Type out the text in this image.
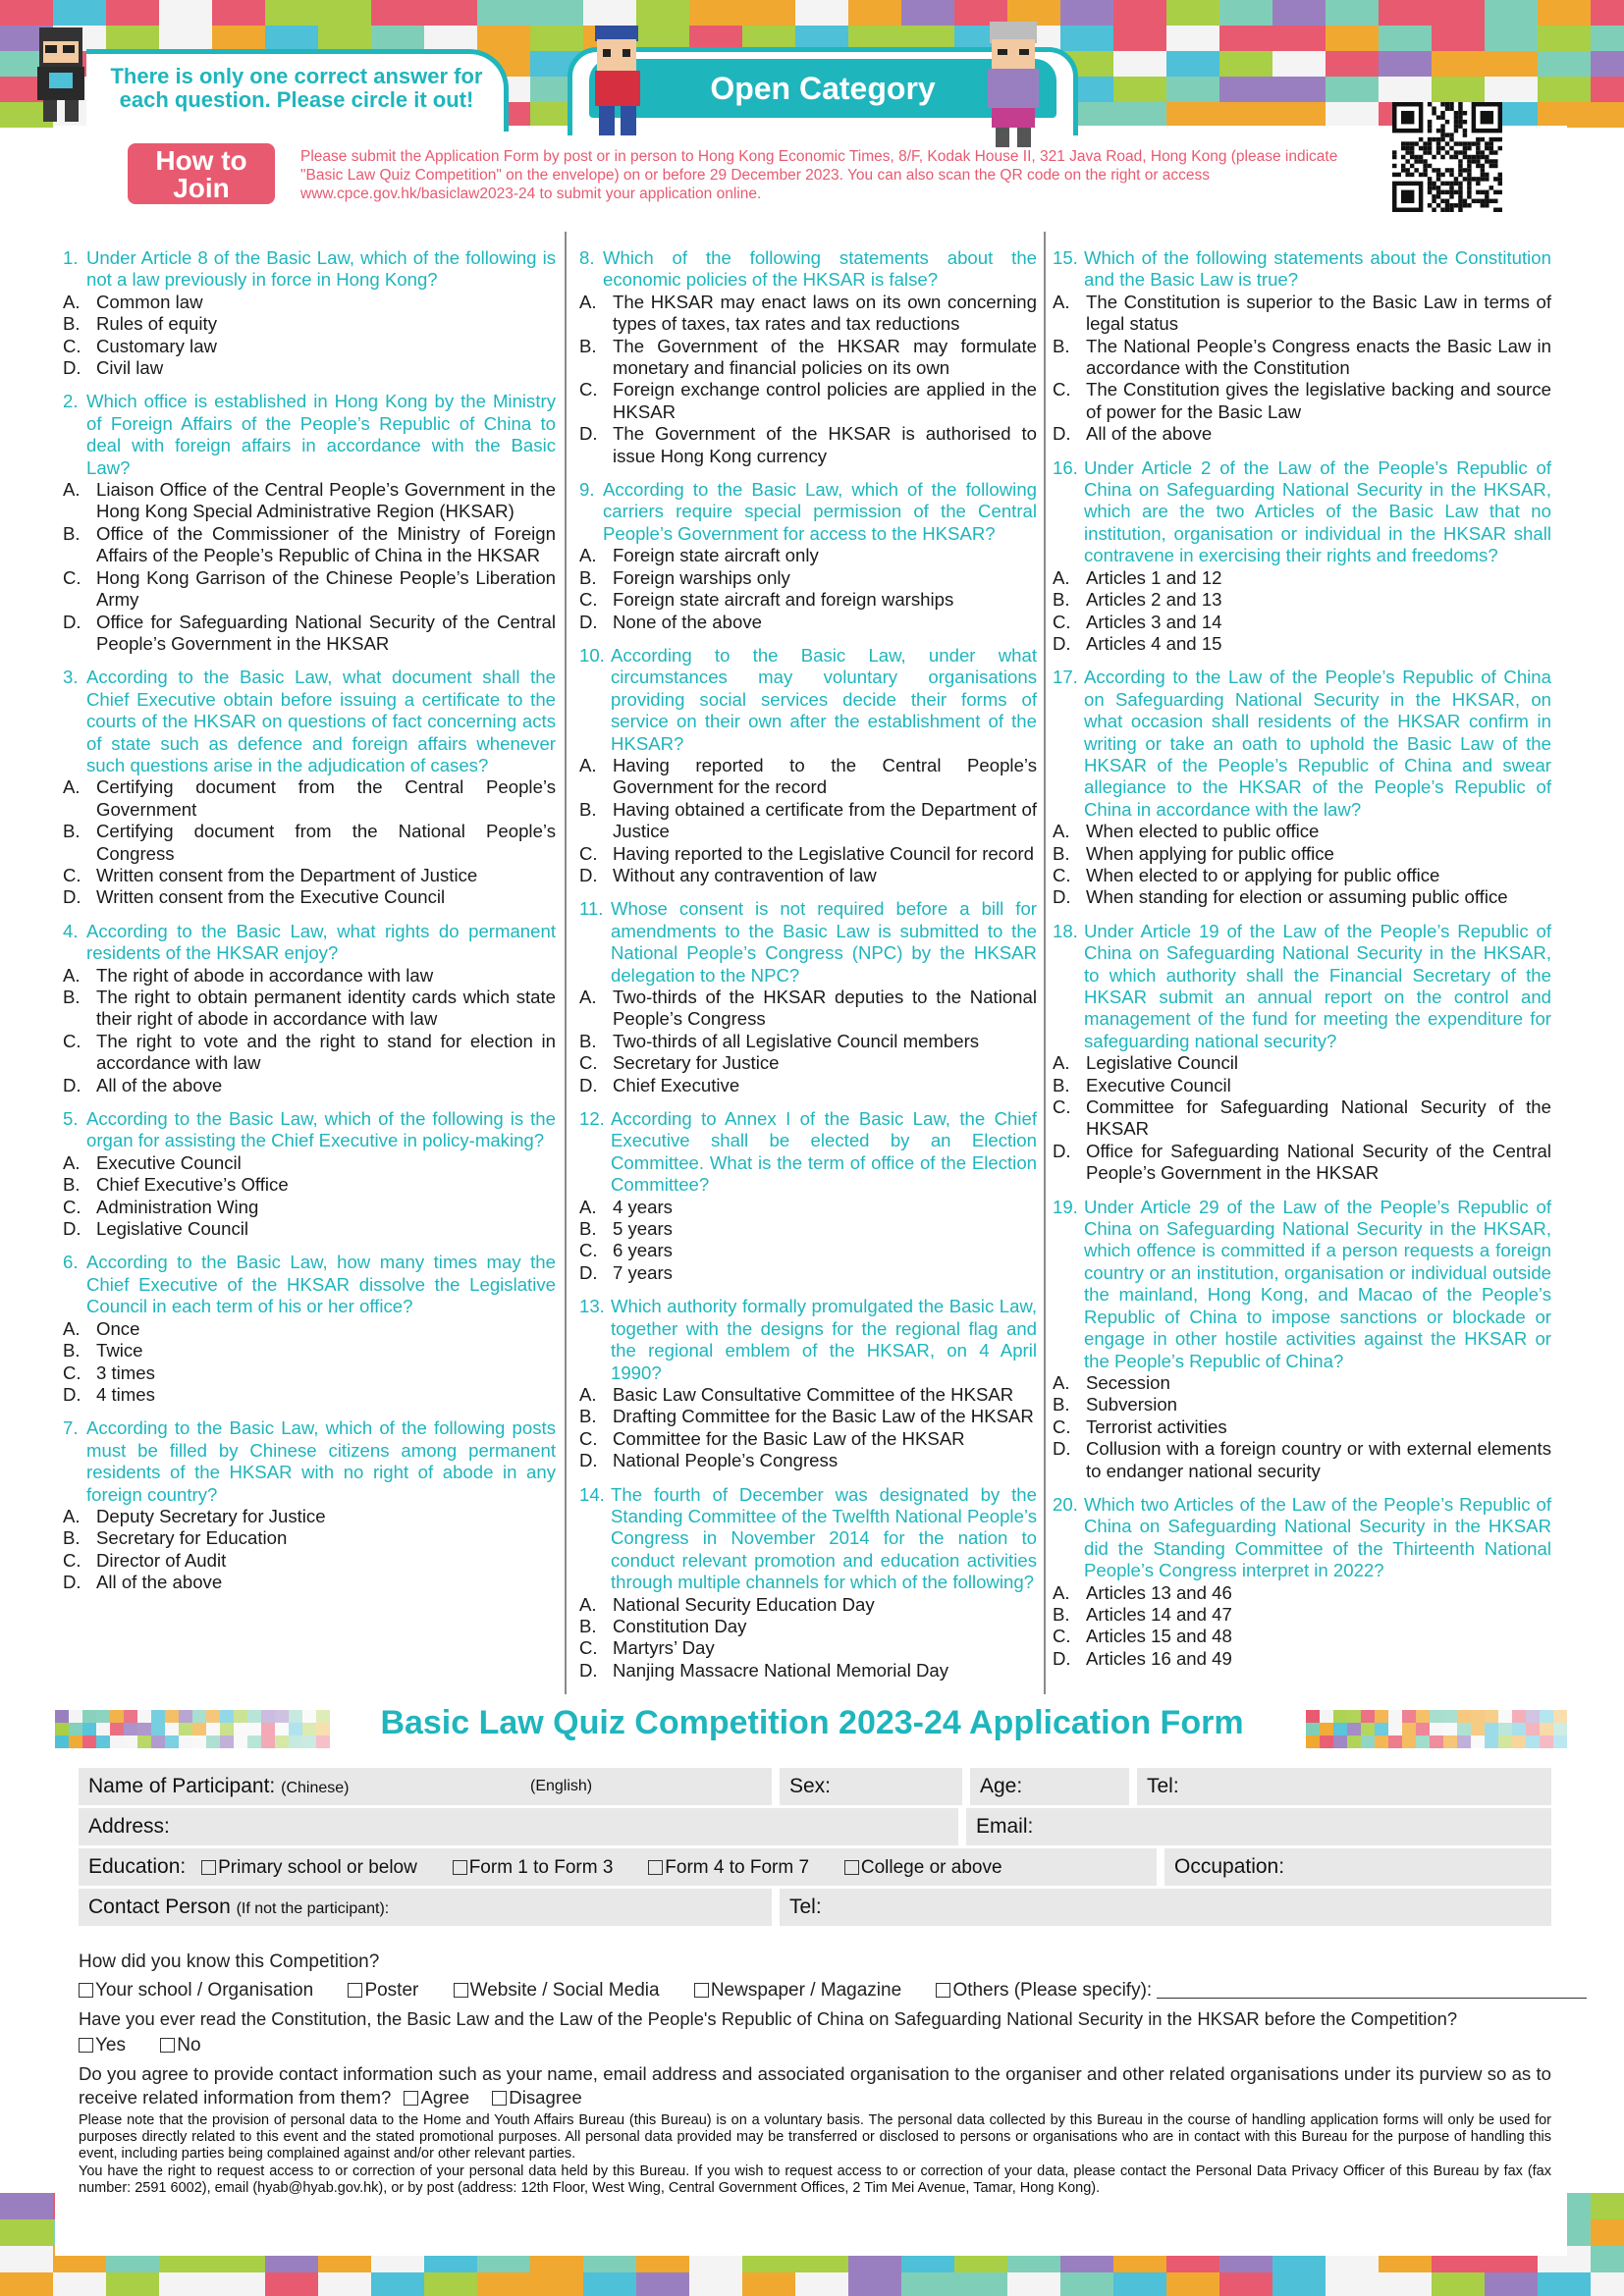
There is only one correct answer for each question. Please circle it out!	Open Category
How to Join
Please submit the Application Form by post or in person to Hong Kong Economic Times, 8/F, Kodak House II, 321 Java Road, Hong Kong (please indicate "Basic Law Quiz Competition" on the envelope) on or before 29 December 2023. You can also scan the QR code on the right or access www.cpce.gov.hk/basiclaw2023-24 to submit your application online.
1. Under Article 8 of the Basic Law, which of the following is not a law previously in force in Hong Kong?
A. Common law
B. Rules of equity
C. Customary law
D. Civil law
2. Which office is established in Hong Kong by the Ministry of Foreign Affairs of the People’s Republic of China to deal with foreign affairs in accordance with the Basic Law?
A. Liaison Office of the Central People’s Government in the Hong Kong Special Administrative Region (HKSAR)
B. Office of the Commissioner of the Ministry of Foreign Affairs of the People’s Republic of China in the HKSAR
C. Hong Kong Garrison of the Chinese People’s Liberation Army
D. Office for Safeguarding National Security of the Central People’s Government in the HKSAR
3. According to the Basic Law, what document shall the Chief Executive obtain before issuing a certificate to the courts of the HKSAR on questions of fact concerning acts of state such as defence and foreign affairs whenever such questions arise in the adjudication of cases?
A. Certifying document from the Central People’s Government
B. Certifying document from the National People’s Congress
C. Written consent from the Department of Justice
D. Written consent from the Executive Council
4. According to the Basic Law, what rights do permanent residents of the HKSAR enjoy?
A. The right of abode in accordance with law
B. The right to obtain permanent identity cards which state their right of abode in accordance with law
C. The right to vote and the right to stand for election in accordance with law
D. All of the above
5. According to the Basic Law, which of the following is the organ for assisting the Chief Executive in policy-making?
A. Executive Council
B. Chief Executive’s Office
C. Administration Wing
D. Legislative Council
6. According to the Basic Law, how many times may the Chief Executive of the HKSAR dissolve the Legislative Council in each term of his or her office?
A. Once
B. Twice
C. 3 times
D. 4 times
7. According to the Basic Law, which of the following posts must be filled by Chinese citizens among permanent residents of the HKSAR with no right of abode in any foreign country?
A. Deputy Secretary for Justice
B. Secretary for Education
C. Director of Audit
D. All of the above
8. Which of the following statements about the economic policies of the HKSAR is false?
A. The HKSAR may enact laws on its own concerning types of taxes, tax rates and tax reductions
B. The Government of the HKSAR may formulate monetary and financial policies on its own
C. Foreign exchange control policies are applied in the HKSAR
D. The Government of the HKSAR is authorised to issue Hong Kong currency
9. According to the Basic Law, which of the following carriers require special permission of the Central People’s Government for access to the HKSAR?
A. Foreign state aircraft only
B. Foreign warships only
C. Foreign state aircraft and foreign warships
D. None of the above
10. According to the Basic Law, under what circumstances may voluntary organisations providing social services decide their forms of service on their own after the establishment of the HKSAR?
A. Having reported to the Central People’s Government for the record
B. Having obtained a certificate from the Department of Justice
C. Having reported to the Legislative Council for record
D. Without any contravention of law
11. Whose consent is not required before a bill for amendments to the Basic Law is submitted to the National People’s Congress (NPC) by the HKSAR delegation to the NPC?
A. Two-thirds of the HKSAR deputies to the National People’s Congress
B. Two-thirds of all Legislative Council members
C. Secretary for Justice
D. Chief Executive
12. According to Annex I of the Basic Law, the Chief Executive shall be elected by an Election Committee. What is the term of office of the Election Committee?
A. 4 years
B. 5 years
C. 6 years
D. 7 years
13. Which authority formally promulgated the Basic Law, together with the designs for the regional flag and the regional emblem of the HKSAR, on 4 April 1990?
A. Basic Law Consultative Committee of the HKSAR
B. Drafting Committee for the Basic Law of the HKSAR
C. Committee for the Basic Law of the HKSAR
D. National People’s Congress
14. The fourth of December was designated by the Standing Committee of the Twelfth National People’s Congress in November 2014 for the nation to conduct relevant promotion and education activities through multiple channels for which of the following?
A. National Security Education Day
B. Constitution Day
C. Martyrs’ Day
D. Nanjing Massacre National Memorial Day
15. Which of the following statements about the Constitution and the Basic Law is true?
A. The Constitution is superior to the Basic Law in terms of legal status
B. The National People’s Congress enacts the Basic Law in accordance with the Constitution
C. The Constitution gives the legislative backing and source of power for the Basic Law
D. All of the above
16. Under Article 2 of the Law of the People’s Republic of China on Safeguarding National Security in the HKSAR, which are the two Articles of the Basic Law that no institution, organisation or individual in the HKSAR shall contravene in exercising their rights and freedoms?
A. Articles 1 and 12
B. Articles 2 and 13
C. Articles 3 and 14
D. Articles 4 and 15
17. According to the Law of the People’s Republic of China on Safeguarding National Security in the HKSAR, on what occasion shall residents of the HKSAR confirm in writing or take an oath to uphold the Basic Law of the HKSAR of the People’s Republic of China and swear allegiance to the HKSAR of the People’s Republic of China in accordance with the law?
A. When elected to public office
B. When applying for public office
C. When elected to or applying for public office
D. When standing for election or assuming public office
18. Under Article 19 of the Law of the People’s Republic of China on Safeguarding National Security in the HKSAR, to which authority shall the Financial Secretary of the HKSAR submit an annual report on the control and management of the fund for meeting the expenditure for safeguarding national security?
A. Legislative Council
B. Executive Council
C. Committee for Safeguarding National Security of the HKSAR
D. Office for Safeguarding National Security of the Central People’s Government in the HKSAR
19. Under Article 29 of the Law of the People’s Republic of China on Safeguarding National Security in the HKSAR, which offence is committed if a person requests a foreign country or an institution, organisation or individual outside the mainland, Hong Kong, and Macao of the People’s Republic of China to impose sanctions or blockade or engage in other hostile activities against the HKSAR or the People’s Republic of China?
A. Secession
B. Subversion
C. Terrorist activities
D. Collusion with a foreign country or with external elements to endanger national security
20. Which two Articles of the Law of the People’s Republic of China on Safeguarding National Security in the HKSAR did the Standing Committee of the Thirteenth National People’s Congress interpret in 2022?
A. Articles 13 and 46
B. Articles 14 and 47
C. Articles 15 and 48
D. Articles 16 and 49
Basic Law Quiz Competition 2023-24 Application Form
Name of Participant: (Chinese)	(English)	Sex:	Age:	Tel:
Address:	Email:
Education: Primary school or below	Form 1 to Form 3	Form 4 to Form 7	College or above	Occupation:
Contact Person (If not the participant):	Tel:
How did you know this Competition?
Your school / Organisation	Poster	Website / Social Media	Newspaper / Magazine	Others (Please specify):
Have you ever read the Constitution, the Basic Law and the Law of the People's Republic of China on Safeguarding National Security in the HKSAR before the Competition?
Yes	No
Do you agree to provide contact information such as your name, email address and associated organisation to the organiser and other related organisations under its purview so as to receive related information from them? Agree Disagree
Please note that the provision of personal data to the Home and Youth Affairs Bureau (this Bureau) is on a voluntary basis. The personal data collected by this Bureau in the course of handling application forms will only be used for purposes directly related to this event and the stated promotional purposes. All personal data provided may be transferred or disclosed to persons or organisations who are in contact with this Bureau for the purpose of handling this event, including parties being complained against and/or other relevant parties.
You have the right to request access to or correction of your personal data held by this Bureau. If you wish to request access to or correction of your data, please contact the Personal Data Privacy Officer of this Bureau by fax (fax number: 2591 6002), email (hyab@hyab.gov.hk), or by post (address: 12th Floor, West Wing, Central Government Offices, 2 Tim Mei Avenue, Tamar, Hong Kong).
